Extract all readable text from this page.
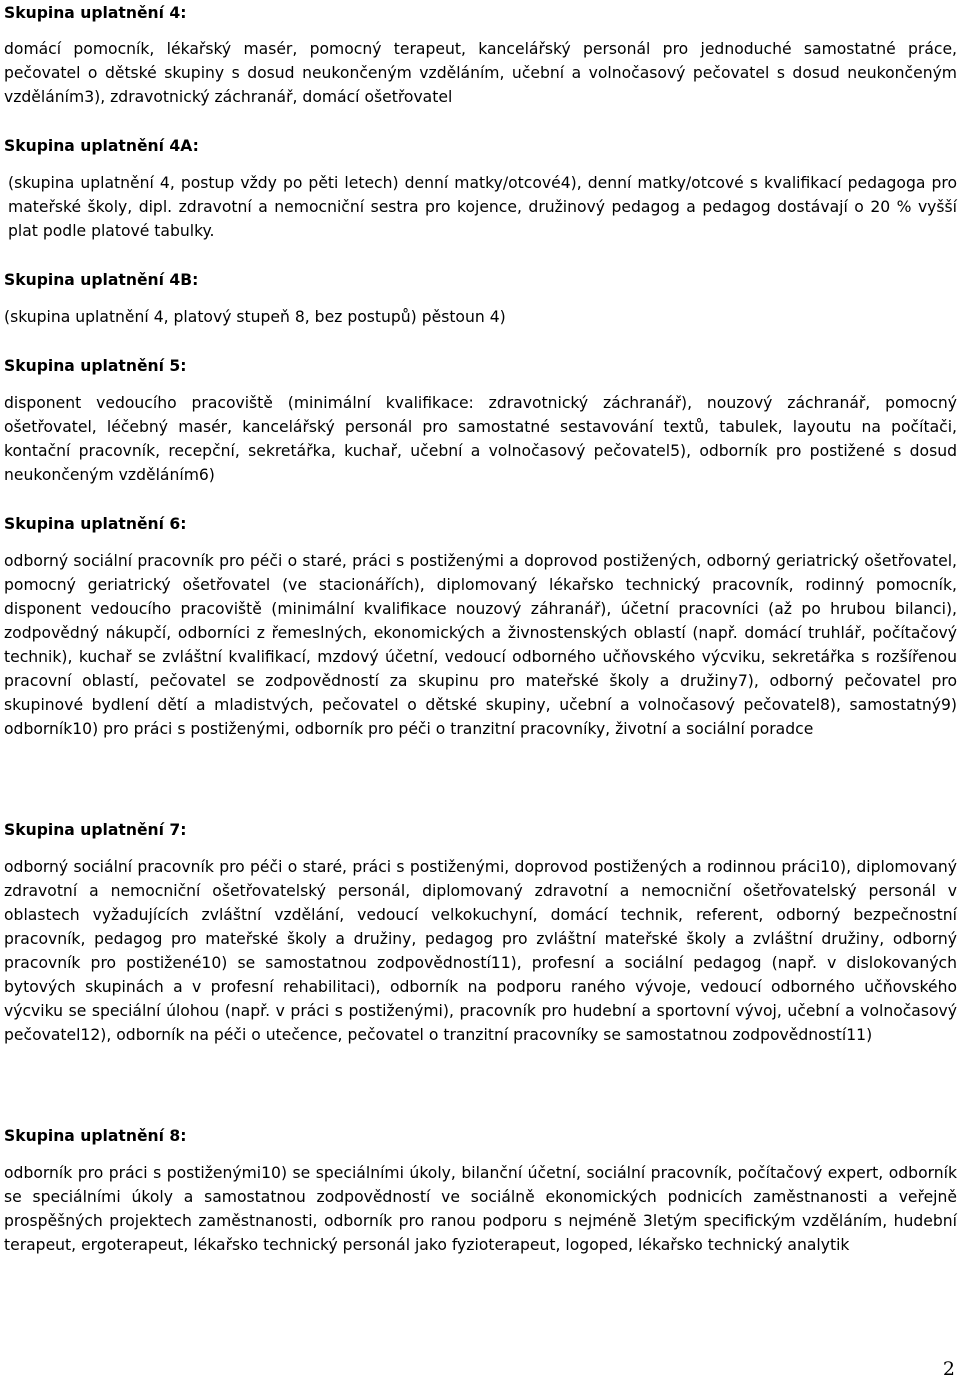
Skupina uplatnění 4:

domácí pomocník, lékařský masér, pomocný terapeut, kancelářský personál pro jednoduché samostatné práce, pečovatel o dětské skupiny s dosud neukončeným vzděláním, učební a volnočasový pečovatel s dosud neukončeným vzděláním3), zdravotnický záchranář, domácí ošetřovatel

Skupina uplatnění 4A:

(skupina uplatnění 4, postup vždy po pěti letech) denní matky/otcové4), denní matky/otcové s kvalifikací pedagoga pro mateřské školy, dipl. zdravotní a nemocniční sestra pro kojence, družinový pedagog a pedagog dostávají o 20 % vyšší plat podle platové tabulky.

Skupina uplatnění 4B:

(skupina uplatnění 4, platový stupeň 8, bez postupů) pěstoun 4)

Skupina uplatnění 5:

disponent vedoucího pracoviště (minimální kvalifikace: zdravotnický záchranář), nouzový záchranář, pomocný ošetřovatel, léčebný masér, kancelářský personál pro samostatné sestavování textů, tabulek, layoutu na počítači, kontační pracovník, recepční, sekretářka, kuchař, učební a volnočasový pečovatel5), odborník pro postižené s dosud neukončeným vzděláním6)

Skupina uplatnění 6:

odborný sociální pracovník pro péči o staré, práci s postiženými a doprovod postižených, odborný geriatrický ošetřovatel, pomocný geriatrický ošetřovatel (ve stacionářích), diplomovaný lékařsko technický pracovník, rodinný pomocník, disponent vedoucího pracoviště (minimální kvalifikace nouzový záhranář), účetní pracovníci (až po hrubou bilanci), zodpovědný nákupčí, odborníci z řemeslných, ekonomických a živnostenských oblastí (např. domácí truhlář, počítačový technik), kuchař se zvláštní kvalifikací, mzdový účetní, vedoucí odborného učňovského výcviku, sekretářka s rozšířenou pracovní oblastí, pečovatel se zodpovědností za skupinu pro mateřské školy a družiny7), odborný pečovatel pro skupinové bydlení dětí a mladistvých, pečovatel o dětské skupiny, učební a volnočasový pečovatel8), samostatný9) odborník10) pro práci s postiženými, odborník pro péči o tranzitní pracovníky, životní a sociální poradce

Skupina uplatnění 7:

odborný sociální pracovník pro péči o staré, práci s postiženými, doprovod postižených a rodinnou práci10), diplomovaný zdravotní a nemocniční ošetřovatelský personál, diplomovaný zdravotní a nemocniční ošetřovatelský personál v oblastech vyžadujících zvláštní vzdělání, vedoucí velkokuchyní, domácí technik, referent, odborný bezpečnostní pracovník, pedagog pro mateřské školy a družiny, pedagog pro zvláštní mateřské školy a zvláštní družiny, odborný pracovník pro postižené10) se samostatnou zodpovědností11), profesní a sociální pedagog (např. v dislokovaných bytových skupinách a v profesní rehabilitaci), odborník na podporu raného vývoje, vedoucí odborného učňovského výcviku se speciální úlohou (např. v práci s postiženými), pracovník pro hudební a sportovní vývoj, učební a volnočasový pečovatel12), odborník na péči o utečence, pečovatel o tranzitní pracovníky se samostatnou zodpovědností11)

Skupina uplatnění 8:

odborník pro práci s postiženými10) se speciálními úkoly, bilanční účetní, sociální pracovník, počítačový expert, odborník se speciálními úkoly a samostatnou zodpovědností ve sociálně ekonomických podnicích zaměstnanosti a veřejně prospěšných projektech zaměstnanosti, odborník pro ranou podporu s nejméně 3letým specifickým vzděláním, hudební terapeut, ergoterapeut, lékařsko technický personál jako fyzioterapeut, logoped, lékařsko technický analytik

2
